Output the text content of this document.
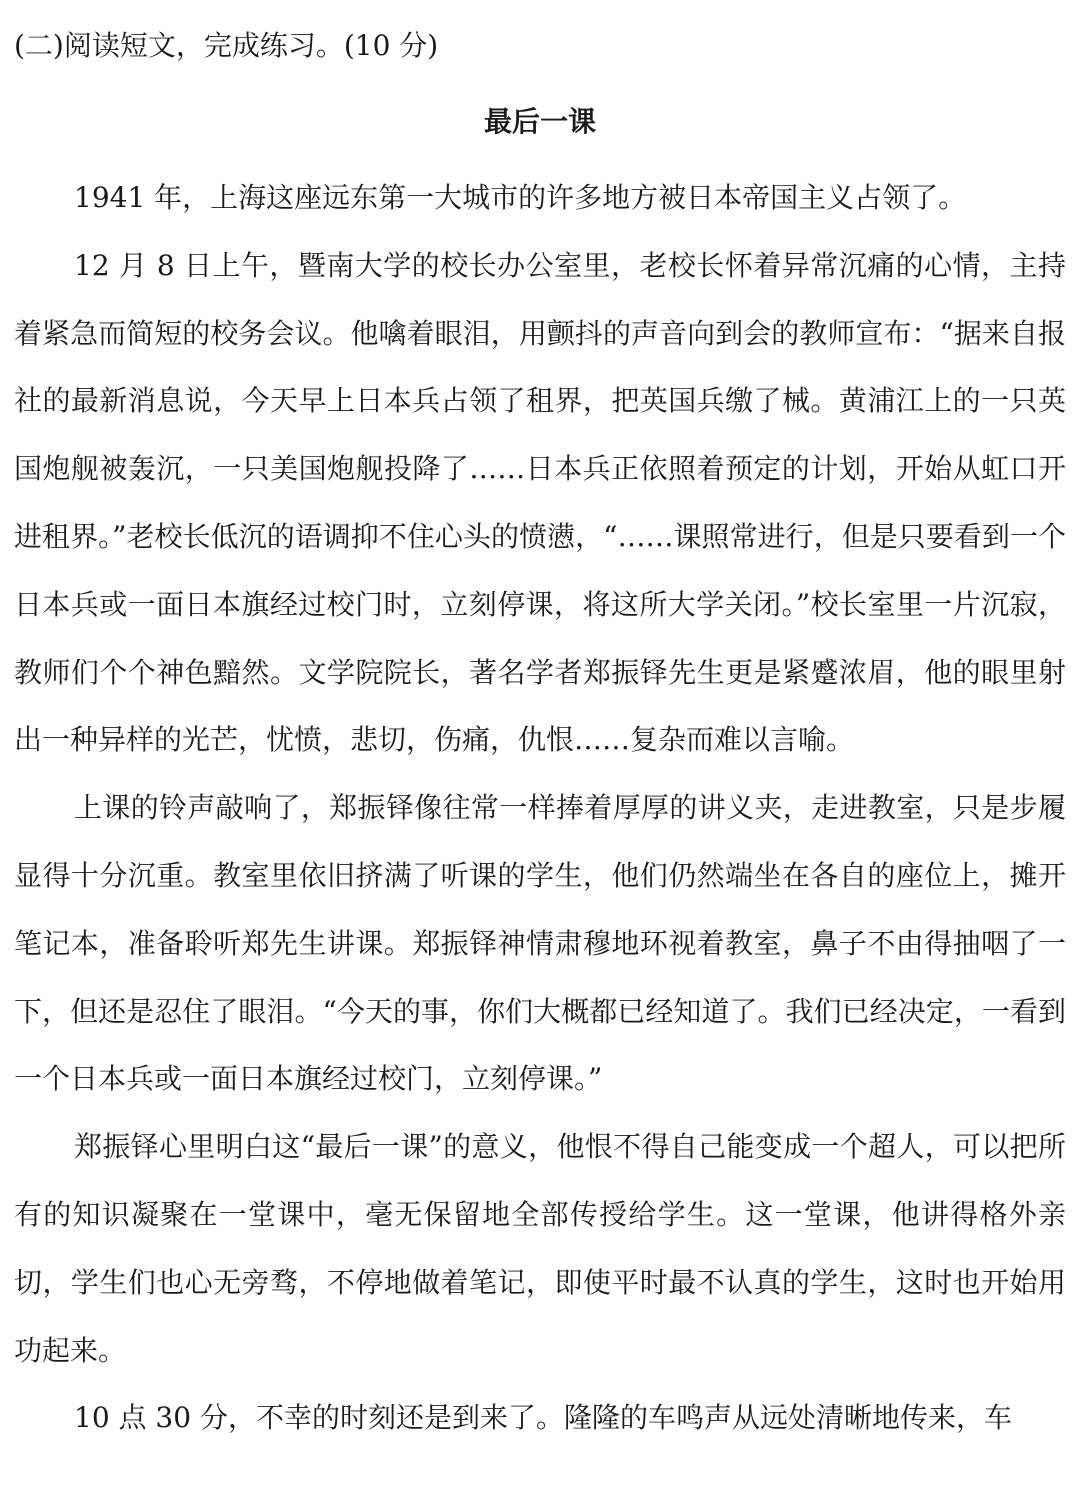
(二)阅读短文，完成练习。(10 分)
最后一课

1941 年，上海这座远东第一大城市的许多地方被日本帝国主义占领了。

12 月 8 日上午，暨南大学的校长办公室里，老校长怀着异常沉痛的心情，主持着紧急而简短的校务会议。他噙着眼泪，用颤抖的声音向到会的教师宣布：“据来自报社的最新消息说，今天早上日本兵占领了租界，把英国兵缴了械。黄浦江上的一只英国炮舰被轰沉，一只美国炮舰投降了……日本兵正依照着预定的计划，开始从虹口开进租界。”老校长低沉的语调抑不住心头的愤懑，“……课照常进行，但是只要看到一个日本兵或一面日本旗经过校门时，立刻停课，将这所大学关闭。”校长室里一片沉寂，教师们个个神色黯然。文学院院长，著名学者郑振铎先生更是紧蹙浓眉，他的眼里射出一种异样的光芒，忧愤，悲切，伤痛，仇恨……复杂而难以言喻。

上课的铃声敲响了，郑振铎像往常一样捧着厚厚的讲义夹，走进教室，只是步履显得十分沉重。教室里依旧挤满了听课的学生，他们仍然端坐在各自的座位上，摊开笔记本，准备聆听郑先生讲课。郑振铎神情肃穆地环视着教室，鼻子不由得抽咽了一下，但还是忍住了眼泪。“今天的事，你们大概都已经知道了。我们已经决定，一看到一个日本兵或一面日本旗经过校门，立刻停课。”

郑振铎心里明白这“最后一课”的意义，他恨不得自己能变成一个超人，可以把所有的知识凝聚在一堂课中，毫无保留地全部传授给学生。这一堂课，他讲得格外亲切，学生们也心无旁骛，不停地做着笔记，即使平时最不认真的学生，这时也开始用功起来。

10 点 30 分，不幸的时刻还是到来了。隆隆的车鸣声从远处清晰地传来，车
